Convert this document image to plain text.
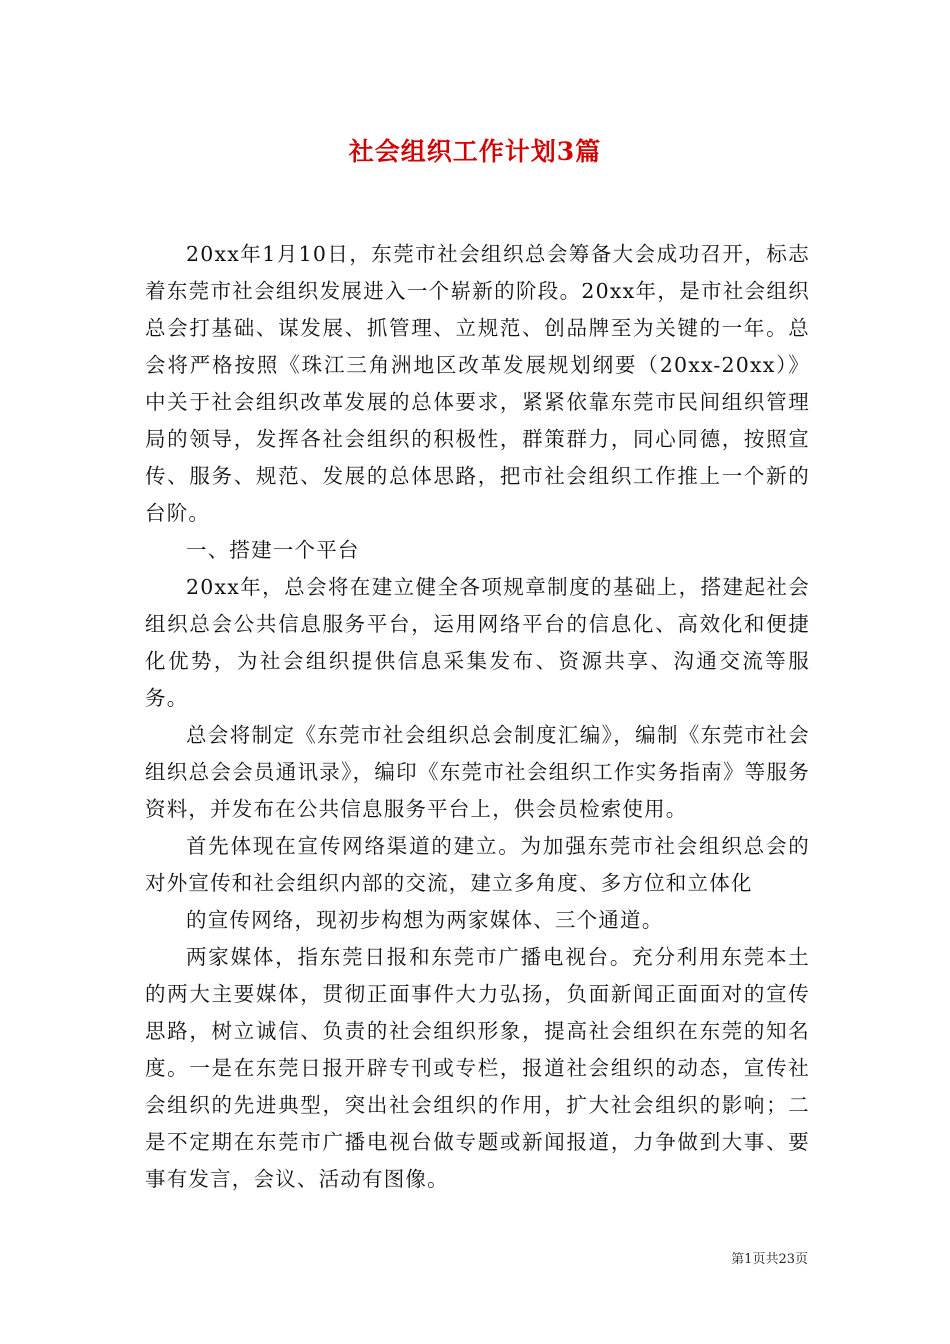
社会组织工作计划3篇

20xx年1月10日，东莞市社会组织总会筹备大会成功召开，标志着东莞市社会组织发展进入一个崭新的阶段。20xx年，是市社会组织总会打基础、谋发展、抓管理、立规范、创品牌至为关键的一年。总会将严格按照《珠江三角洲地区改革发展规划纲要（20xx-20xx）》中关于社会组织改革发展的总体要求，紧紧依靠东莞市民间组织管理局的领导，发挥各社会组织的积极性，群策群力，同心同德，按照宣传、服务、规范、发展的总体思路，把市社会组织工作推上一个新的台阶。

一、搭建一个平台

20xx年，总会将在建立健全各项规章制度的基础上，搭建起社会组织总会公共信息服务平台，运用网络平台的信息化、高效化和便捷化优势，为社会组织提供信息采集发布、资源共享、沟通交流等服务。

总会将制定《东莞市社会组织总会制度汇编》，编制《东莞市社会组织总会会员通讯录》，编印《东莞市社会组织工作实务指南》等服务资料，并发布在公共信息服务平台上，供会员检索使用。

首先体现在宣传网络渠道的建立。为加强东莞市社会组织总会的对外宣传和社会组织内部的交流，建立多角度、多方位和立体化

的宣传网络，现初步构想为两家媒体、三个通道。

两家媒体，指东莞日报和东莞市广播电视台。充分利用东莞本土的两大主要媒体，贯彻正面事件大力弘扬，负面新闻正面面对的宣传思路，树立诚信、负责的社会组织形象，提高社会组织在东莞的知名度。一是在东莞日报开辟专刊或专栏，报道社会组织的动态，宣传社会组织的先进典型，突出社会组织的作用，扩大社会组织的影响；二是不定期在东莞市广播电视台做专题或新闻报道，力争做到大事、要事有发言，会议、活动有图像。

第1页共23页
